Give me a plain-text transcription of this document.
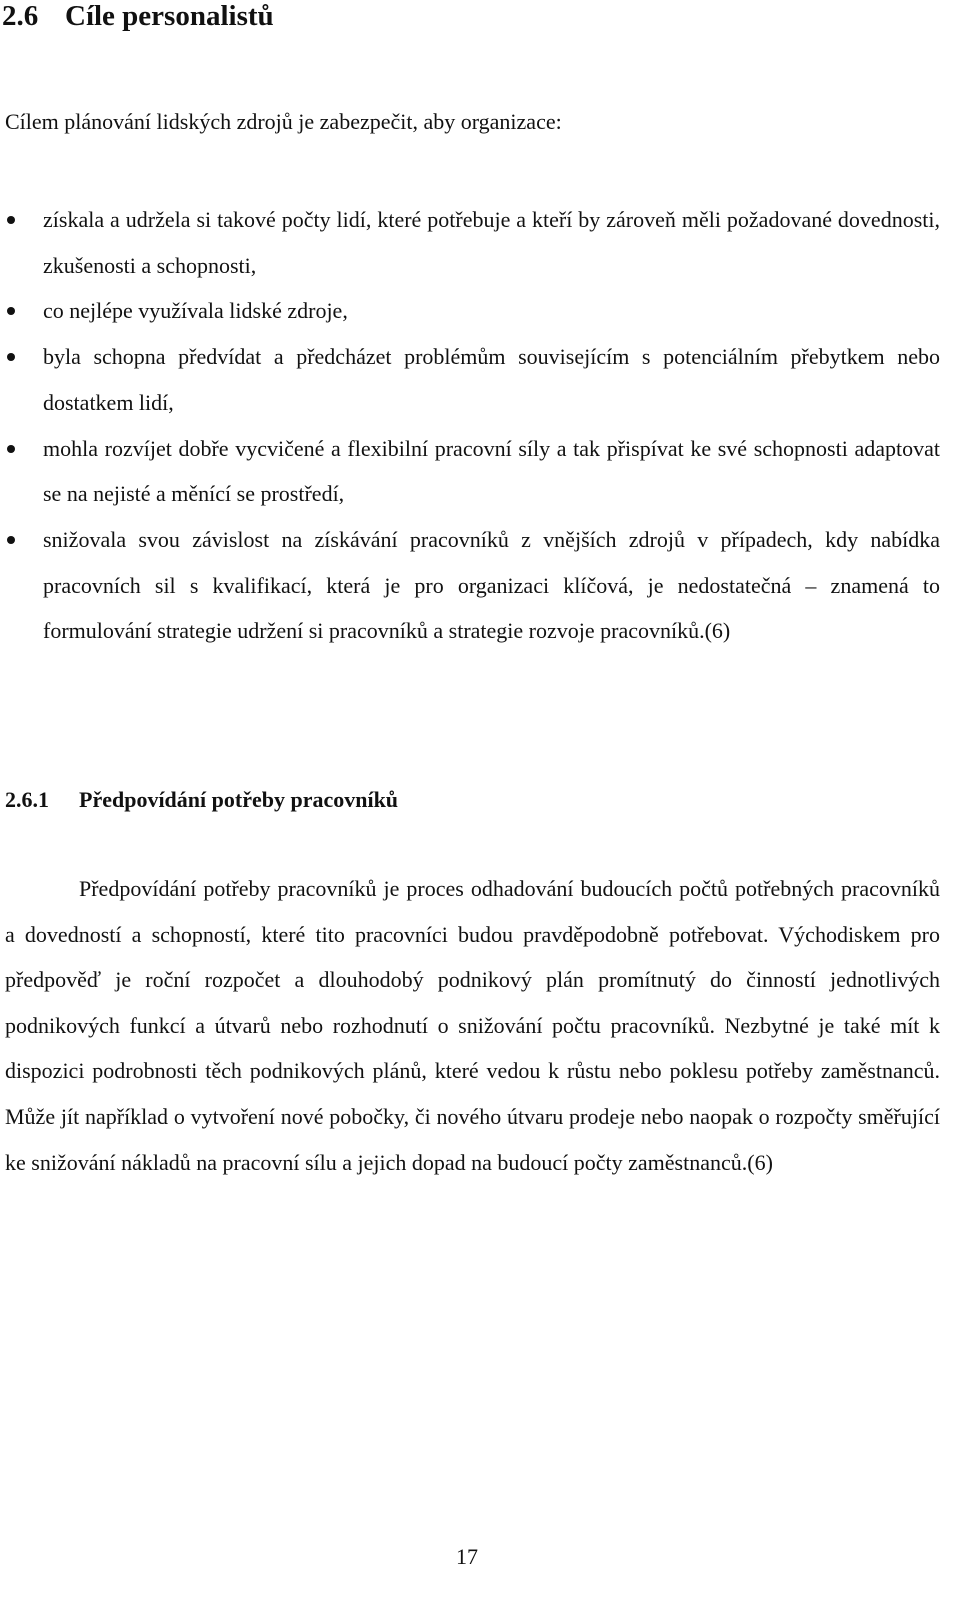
2.6 Cíle personalistů

Cílem plánování lidských zdrojů je zabezpečit, aby organizace:

získala a udržela si takové počty lidí, které potřebuje a kteří by zároveň měli požadované dovednosti, zkušenosti a schopnosti,
co nejlépe využívala lidské zdroje,
byla schopna předvídat a předcházet problémům souvisejícím s potenciálním přebytkem nebo dostatkem lidí,
mohla rozvíjet dobře vycvičené a flexibilní pracovní síly a tak přispívat ke své schopnosti adaptovat se na nejisté a měnící se prostředí,
snižovala svou závislost na získávání pracovníků z vnějších zdrojů v případech, kdy nabídka pracovních sil s kvalifikací, která je pro organizaci klíčová, je nedostatečná – znamená to formulování strategie udržení si pracovníků a strategie rozvoje pracovníků.(6)
2.6.1 Předpovídání potřeby pracovníků

Předpovídání potřeby pracovníků je proces odhadování budoucích počtů potřebných pracovníků a dovedností a schopností, které tito pracovníci budou pravděpodobně potřebovat. Východiskem pro předpověď je roční rozpočet a dlouhodobý podnikový plán promítnutý do činností jednotlivých podnikových funkcí a útvarů nebo rozhodnutí o snižování počtu pracovníků. Nezbytné je také mít k dispozici podrobnosti těch podnikových plánů, které vedou k růstu nebo poklesu potřeby zaměstnanců. Může jít například o vytvoření nové pobočky, či nového útvaru prodeje nebo naopak o rozpočty směřující ke snižování nákladů na pracovní sílu a jejich dopad na budoucí počty zaměstnanců.(6)

17
